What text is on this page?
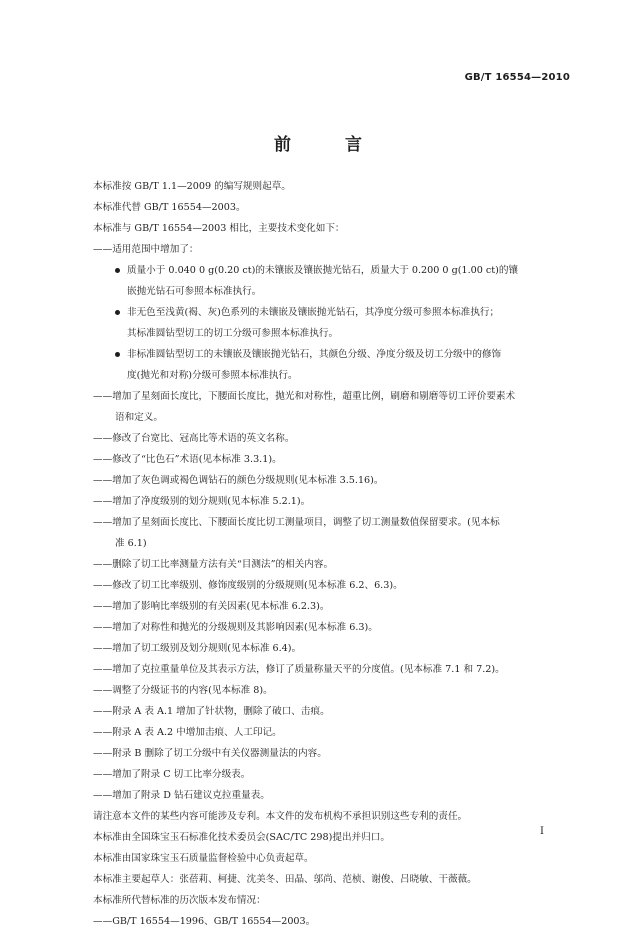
GB/T 16554—2010
前 言
本标准按 GB/T 1.1—2009 的编写规则起草。
本标准代替 GB/T 16554—2003。
本标准与 GB/T 16554—2003 相比，主要技术变化如下：
——适用范围中增加了：
质量小于 0.040 0 g(0.20 ct)的未镶嵌及镶嵌抛光钻石，质量大于 0.200 0 g(1.00 ct)的镶
嵌抛光钻石可参照本标准执行。
非无色至浅黄(褐、灰)色系列的未镶嵌及镶嵌抛光钻石，其净度分级可参照本标准执行；
其标准圆钻型切工的切工分级可参照本标准执行。
非标准圆钻型切工的未镶嵌及镶嵌抛光钻石，其颜色分级、净度分级及切工分级中的修饰
度(抛光和对称)分级可参照本标准执行。
——增加了星刻面长度比，下腰面长度比，抛光和对称性，超重比例，刷磨和剔磨等切工评价要素术
语和定义。
——修改了台宽比、冠高比等术语的英文名称。
——修改了“比色石”术语(见本标准 3.3.1)。
——增加了灰色调或褐色调钻石的颜色分级规则(见本标准 3.5.16)。
——增加了净度级别的划分规则(见本标准 5.2.1)。
——增加了星刻面长度比、下腰面长度比切工测量项目，调整了切工测量数值保留要求。(见本标
准 6.1)
——删除了切工比率测量方法有关“目测法”的相关内容。
——修改了切工比率级别、修饰度级别的分级规则(见本标准 6.2、6.3)。
——增加了影响比率级别的有关因素(见本标准 6.2.3)。
——增加了对称性和抛光的分级规则及其影响因素(见本标准 6.3)。
——增加了切工级别及划分规则(见本标准 6.4)。
——增加了克拉重量单位及其表示方法，修订了质量称量天平的分度值。(见本标准 7.1 和 7.2)。
——调整了分级证书的内容(见本标准 8)。
——附录 A 表 A.1 增加了针状物，删除了破口、击痕。
——附录 A 表 A.2 中增加击痕、人工印记。
——附录 B 删除了切工分级中有关仪器测量法的内容。
——增加了附录 C 切工比率分级表。
——增加了附录 D 钻石建议克拉重量表。
请注意本文件的某些内容可能涉及专利。本文件的发布机构不承担识别这些专利的责任。
本标准由全国珠宝玉石标准化技术委员会(SAC/TC 298)提出并归口。
本标准由国家珠宝玉石质量监督检验中心负责起草。
本标准主要起草人：张蓓莉、柯捷、沈美冬、田晶、邬尚、范桢、谢俊、吕晓敏、干薇薇。
本标准所代替标准的历次版本发布情况：
——GB/T 16554—1996、GB/T 16554—2003。
I
